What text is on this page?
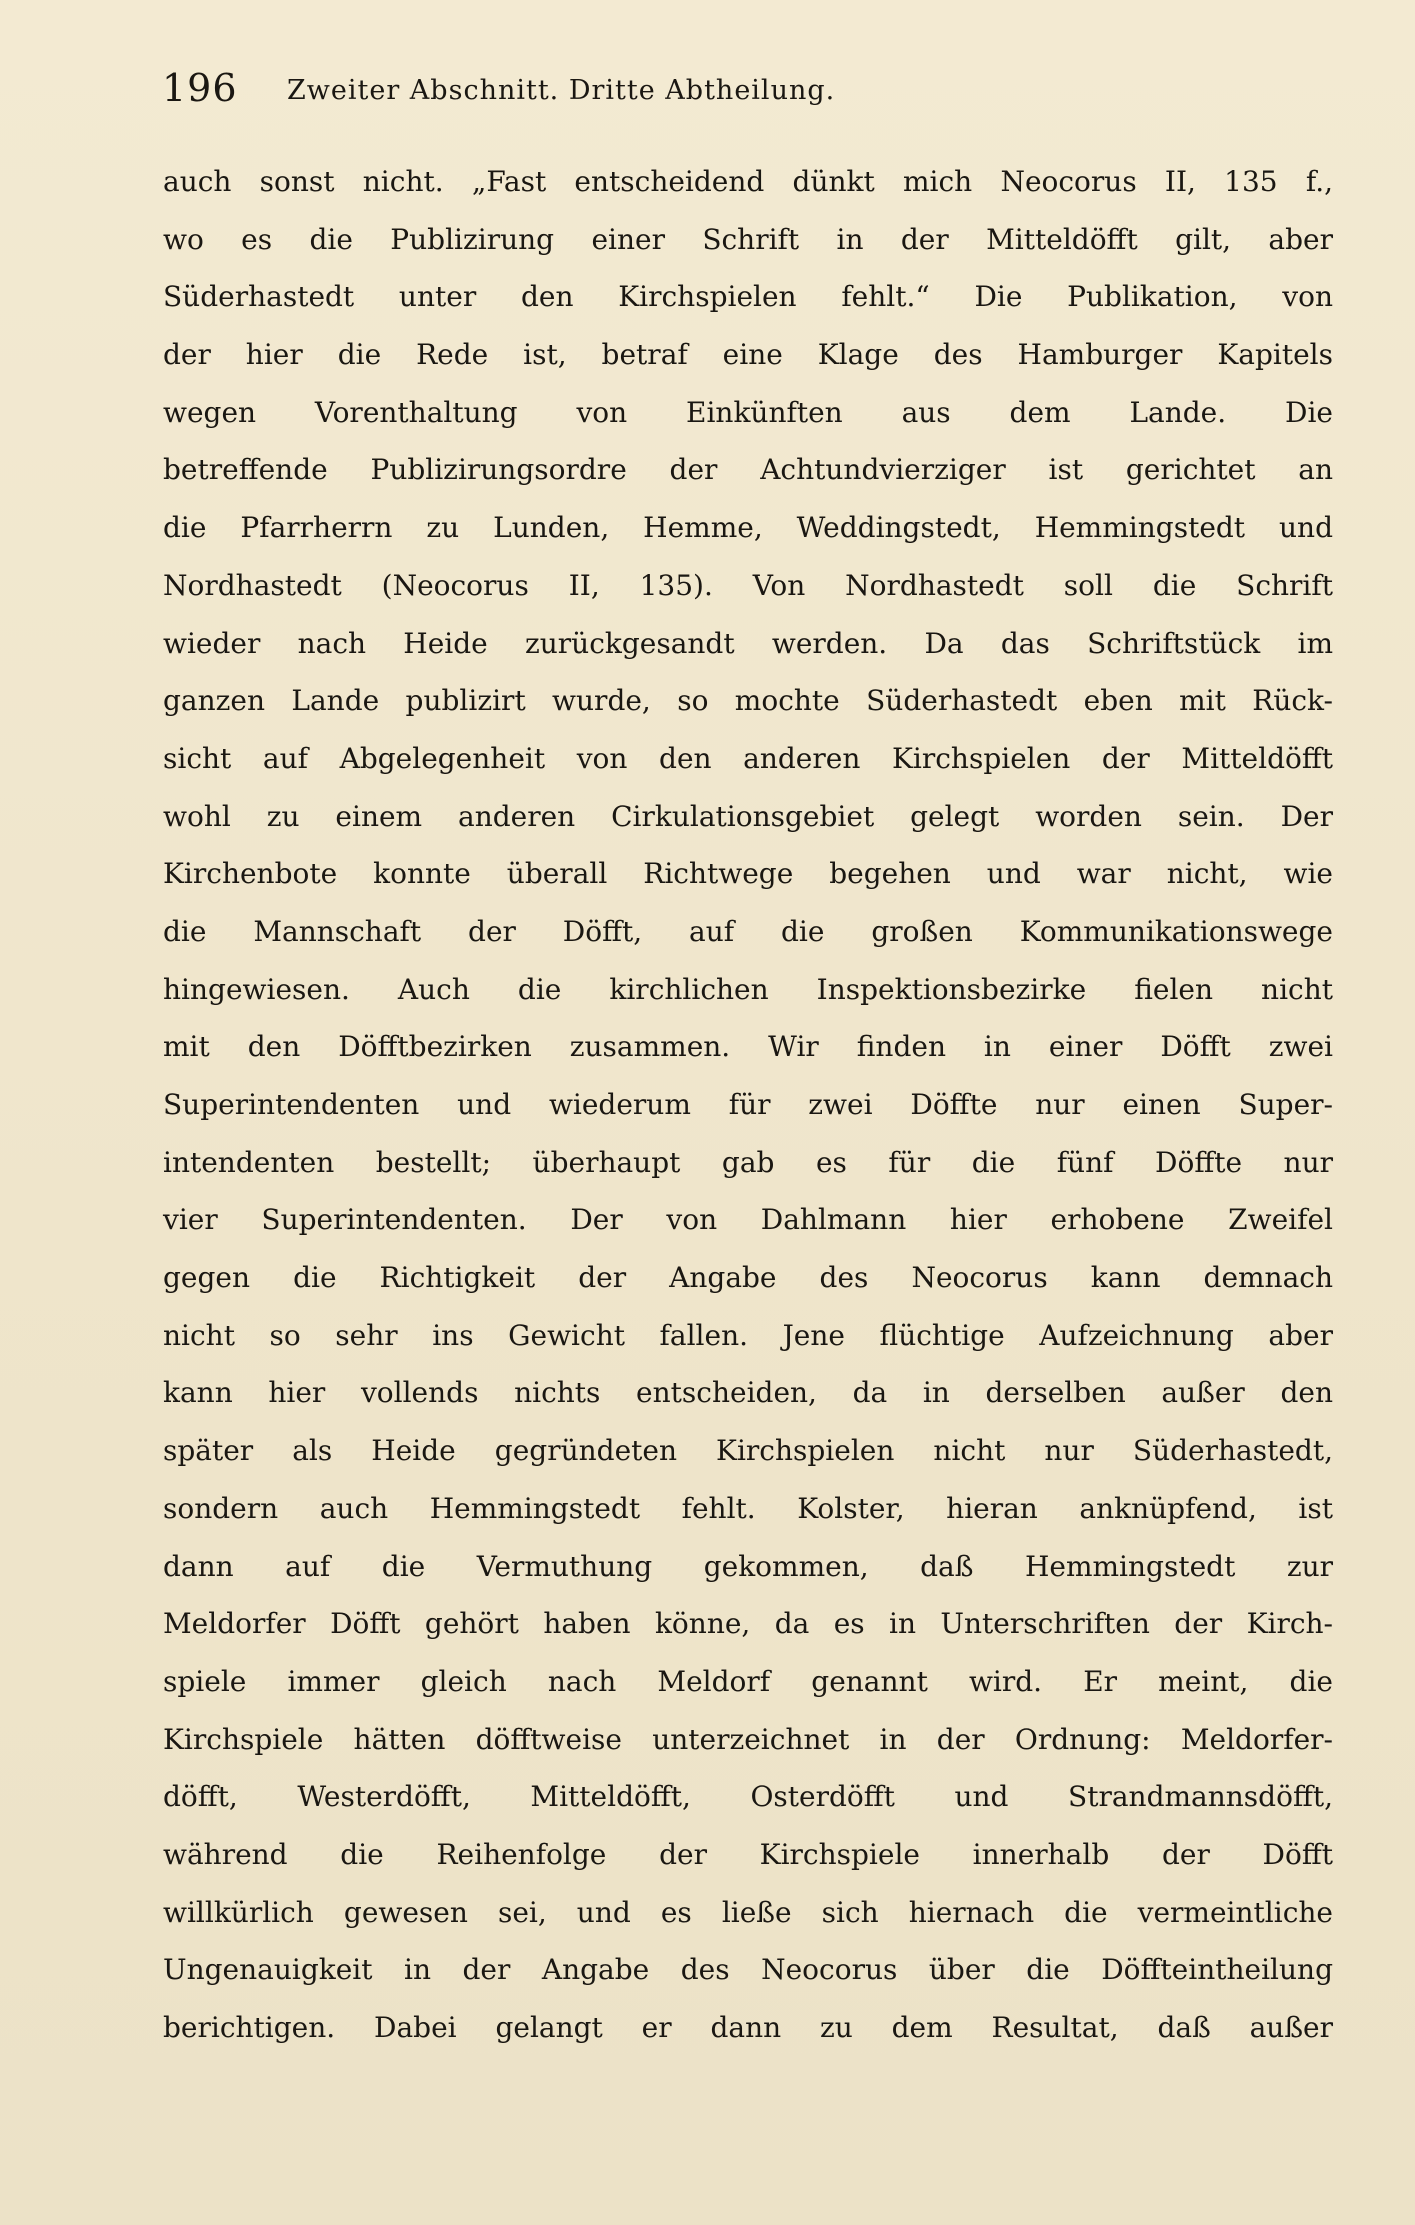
196 Zweiter Abschnitt. Dritte Abtheilung.
auch sonst nicht. „Fast entscheidend dünkt mich Neocorus II, 135 f.,
wo es die Publizirung einer Schrift in der Mitteldöfft gilt, aber
Süderhastedt unter den Kirchspielen fehlt.“ Die Publikation, von
der hier die Rede ist, betraf eine Klage des Hamburger Kapitels
wegen Vorenthaltung von Einkünften aus dem Lande. Die
betreffende Publizirungsordre der Achtundvierziger ist gerichtet an
die Pfarrherrn zu Lunden, Hemme, Weddingstedt, Hemmingstedt und
Nordhastedt (Neocorus II, 135). Von Nordhastedt soll die Schrift
wieder nach Heide zurückgesandt werden. Da das Schriftstück im
ganzen Lande publizirt wurde, so mochte Süderhastedt eben mit Rück-
sicht auf Abgelegenheit von den anderen Kirchspielen der Mitteldöfft
wohl zu einem anderen Cirkulationsgebiet gelegt worden sein. Der
Kirchenbote konnte überall Richtwege begehen und war nicht, wie
die Mannschaft der Döfft, auf die großen Kommunikationswege
hingewiesen. Auch die kirchlichen Inspektionsbezirke fielen nicht
mit den Döfftbezirken zusammen. Wir finden in einer Döfft zwei
Superintendenten und wiederum für zwei Döffte nur einen Super-
intendenten bestellt; überhaupt gab es für die fünf Döffte nur
vier Superintendenten. Der von Dahlmann hier erhobene Zweifel
gegen die Richtigkeit der Angabe des Neocorus kann demnach
nicht so sehr ins Gewicht fallen. Jene flüchtige Aufzeichnung aber
kann hier vollends nichts entscheiden, da in derselben außer den
später als Heide gegründeten Kirchspielen nicht nur Süderhastedt,
sondern auch Hemmingstedt fehlt. Kolster, hieran anknüpfend, ist
dann auf die Vermuthung gekommen, daß Hemmingstedt zur
Meldorfer Döfft gehört haben könne, da es in Unterschriften der Kirch-
spiele immer gleich nach Meldorf genannt wird. Er meint, die
Kirchspiele hätten döfftweise unterzeichnet in der Ordnung: Meldorfer-
döfft, Westerdöfft, Mitteldöfft, Osterdöfft und Strandmannsdöfft,
während die Reihenfolge der Kirchspiele innerhalb der Döfft
willkürlich gewesen sei, und es ließe sich hiernach die vermeintliche
Ungenauigkeit in der Angabe des Neocorus über die Döffteintheilung
berichtigen. Dabei gelangt er dann zu dem Resultat, daß außer
